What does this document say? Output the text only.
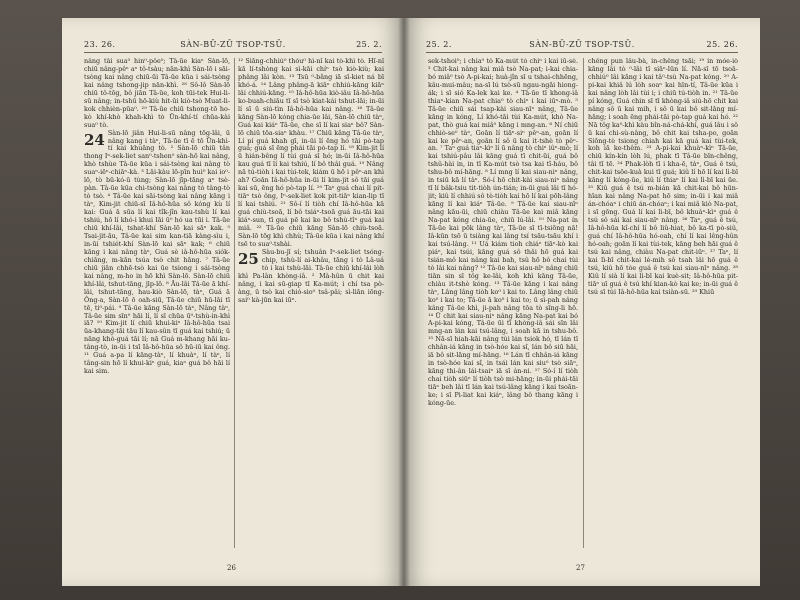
23. 26.	SÀN-BŪ-ZŪ TSOP-TSŪ.	25. 2.

nâng tâi sua⁰ hin⁰-pôe⁰; Tâ-ūe kiaⁿ Sàn-lō, chiū nâng-pêⁿ aⁿ tô-tsàu; nān-khì Sàn-lō i sāi-tsòng kai nâng chiū-ūi Tâ-ūe kūa i sái-tsòng kai nâng tshong-jip nān-khì. ²⁸ Sô-lô Sàn-lō chiū tô-tōg, bô jiān Tâ-ūe, koh tūi-tek Hui-li-sū nâng; in-tshū hō-kiù hit-ūi kiò-tsò Muat-li-kok chhièn-pūa⁰. ²⁹ Tâ-ūe chiū tshong-tō ho-kò khí-khò khah-khì tò Ūn-khí-tí chūa-kài sua⁰ tò.

24 Sàn-lō jiân Hui-li-sū nâng tōg-lâi, ū nâng kang i tàⁿ, Tâ-ūe tī ē tō Ūn-khì-tí kai khuāng tò. ² Sàn-lō chiū tân thong Iⁿ-sek-liet san⁰-tshen⁰ sàn-hō kai nâng, khò tshùe Tâ-ūe kūa i sái-tsòng kai nâng tò suaⁿ-iēⁿ-chiāⁿ-kà. ³ Lāi-kàu lō-pīn hui⁰ kai io⁰-lō, tò bū-kó-ū tùng; Sàn-lō jīp-tāng aⁿ tsè-pàn. Tâ-ūe kūa chi-tsòng kai nâng tò tâng-tò tò tsò. ⁴ Tâ-ūe kai sāi-tsòng kai nâng kāng i tàⁿ, Kim-jit chiū-sī Iâ-hô-hūa sô kóng kù lí kai: Guá ā sūa lí kai tîk-jîn kau-tshù lí kai tshiú, hō lí khó-i khui Iāi ū⁰ hó ua tūi i. Tâ-ūe chiū khí-lâi, tshat-khí Sàn-lō kai sāⁿ kak. ⁵ Tsai-jit-āu, Tâ-ūe kai sim kan-tiā kàng-sìu i, in-ūi tshiét-khí Sàn-lō kai sāⁿ kak; ⁶ chiū kāng i kai nâng tàⁿ, Guá sè iâ-hô-hūa siók-chiāng, m-kān tsúa tsò chit hāng. ⁷ Tâ-ūe chiū jiān chhē-tsò kai ūe tsiong i sái-tsòng kai nâng, m-ho in hō khì Sàn-lō. Sàn-lō chiū khí-lâi, tshut-tāng, jīp-lō. ⁸ Āu-lâi Tâ-ūe ā khí-lâi, tshut-tāng, hau-kiò Sàn-lō, tàⁿ, Guá ā Ông-a, Sàn-lō ō oah-siū, Tâ-ūe chiū hū-lāi tī tē, ti⁰-pái. ⁹ Tâ-ūe kāng Sàn-lō tàⁿ, Nâng tàⁿ, Tâ-ūe sim sīn⁰ hāi lí, lí sī chūa ū⁰-tshù-in-khì iā? ¹⁰ Kim-jit lí chiū khui-kiⁿ Iâ-hô-hūa tsai ūa-khang-tāi tāu lí kau-sûn tī guá kai tshiú; ū nāng khò-guá tāi lí; nā Guá m-khang hāi ku-tâng-tò, in-ūi i tsī Iâ-hô-hūa sô hū-iū kai ông. ¹¹ Guá a-pa lí kāng-tàⁿ, lí khuàⁿ, lí tàⁿ, lí tâng-sin hō lí khui-kiⁿ guá, kiaⁿ guá bô hāi lí kai sim.

¹² Siāng-chhiú⁰ thóu⁰ hì-nî kai tò-khì tò. Hî-nî kā lí-tshòng kai sì-kāi chíⁿ tsò kiò-kiù; kai phâng lâi kòn. ¹³ Tsū ⁰-bǎng iā sī-kiet ná bī khó-á. ¹⁴ Lâng phâng-ā kiāⁿ chhiú-kāng kiāⁿ lâi chhiú-kāng. ¹⁵ Iâ-hô-hūa kiò-iâu Iâ-hô-hūa ko-buah-chiāu tī sī tsò kiat-kái tshut-lāi; in-ūi lí sī ū siú-tìn Iâ-hô-hūa kai nâng. ¹⁶ Tâ-ūe kāng Sàn-lō kóng chia-ūe lâi, Sàn-lō chiū tàⁿ, Guá kai kiáⁿ Tâ-ūe, che sī lí kai siaⁿ bô? Sàn-lō chiū tōa-siaⁿ khàu. ¹⁷ Chiū kāng Tâ-ūe tàⁿ, Lí pí guá khah gī, in-ūi lí ēng hó tāi pò-tap guá; guá sī ēng phái tāi pò-tap lí. ¹⁸ Kim-jit lí ū hián-bêng lí tùi guá sī hó; in-ūi Iâ-hô-hūa kau guá tī lí kai tshiú, lí bô thâi guá. ¹⁹ Nâng nā tú-tiòh i kai tùi-tek, kiám ū hō i pêⁿ-an khì ah? Goān Iâ-hô-hūa in-ūi lí kim-jit sô tāi guá kai sū, ēng hó pò-tap lí. ²⁰ Taⁿ guá chai lí pit-tiāⁿ tsò ông, Iⁿ-sek-liet kok pit-tiāⁿ kian-lip tī lí kai tshiú. ²¹ Sô-í lí tiòh chí Iâ-hô-hūa kā guá chiù-tsoā, lí bô tsiáⁿ-tsoā guá āu-tāi kai kiáⁿ-sun, tī guá pē kai ke bô tshù-tîⁿ guá kai miâ. ²² Tâ-ūe chiū kāng Sàn-lō chiù-tsoā. Sàn-lō tōg khì chhù; Tâ-ūe kūa i kai nâng khí tsē to sua⁰-tshài.

25 Sàu-bu-jī sí; tshuân Iⁿ-sek-liet tsóng-chip, tshù-lí ai-khâu, tāng i tò Lâ-uá tò i kai tshù-lāi. Tâ-ūe chiū khí-lâi lòh khì Pa-lân khòng-iâ. ² Mà-hûn ū chit kai nâng, i kai sū-giap tī Ka-mút; i chí tsa pò-àng, ū tsò kai chió-sio⁰ tsâ-pâi; sì-liān iōng-sai⁰ kà-jūn kai iūⁿ.

26
25. 2.	SÀN-BŪ-ZŪ TSOP-TSŪ.	25. 26.

sek-tshoi⁰; i chia⁰ tò Ka-mút tò chiⁿ i kai iū-sè. ³ Chit-kai nâng kai miâ tsò Na-pat; i-kai chia-bó miâ⁰ tsò A-pi-kai; huà-jîn sī u tshai-chhēng, kâu-mui-mâu; na-sī lú tsò-sū ngau-ngāi hiong-ák; i sī sió Ka-lek kai ke. ⁴ Tâ-ūe tī khong-iâ thiaⁿ-kian Na-pat chia⁰ tò chiⁿ i kai iūⁿ-mò. ⁵ Tâ-ūe chiū sái tsap-kài siau-nīⁿ nâng, Tâ-ūe kāng in kóng, Lí khó-tāi tùi Ka-mút, khò Na-pat, thò guá kai miâ⁰ kāng i mng-an. ⁶ Ní chiū chhiò-se⁰ tàⁿ, Goān lí tiāⁿ-siⁿ pêⁿ-an, goān lí kai ke pêⁿ-an, goān lí sô ū kai it-tshè tò pêⁿ-an. ⁷ Taⁿ guá tiaⁿ-kìⁿ lí ū nâng tò chiⁿ iûⁿ-mò; lí kai tshiú-pâu lâi kāng guá tī chit-ūi, guá bô tshû-hài in, in tī Ka-mút tsò tsa kai tî-háu, bô tshu-bô mí-hāng. ⁸ Lí mng lí kai siau-niⁿ nâng, in tsiū kā lí tàⁿ. Só-í hō chit-kài siau-niⁿ nâng tī lí bâk-tsiu tit-tiòh ún-tián; in-ūi guá lâi tī hó-jit; kiû lí chhiú sô tè-tiòh kai hō lí kai pōh-lâng kāng lí kai kiáⁿ Tâ-ūe. ⁹ Tâ-ūe kai siau-nīⁿ nâng kāu-ūi, chiū chiàu Tâ-ūe kai miâ kāng Na-pat kóng chia-ūe, chiū lú-lâi. ¹⁰ Na-pat ín Tâ-ūe kai pōk lâng tàⁿ, Tâ-ūe sī tī-tsiōng nā! Iâ-kūn tsō ū tsiàng kai lâng tsí tsāu-tsāu khí i kai tsú-lâng. ¹¹ Uá kiám tioh chiáⁿ tiāⁿ-kò kai piáⁿ, kai tsúi, kāng guá sô thâi hō guá kai tsián-mô kai nâng kai bah, tsû hō bô chai tùi tò lâi kai nâng? ¹² Tâ-ūe kai siau-nīⁿ nâng chiū tiān sin sī tôg ke-lâi, koh khì kāng Tâ-ūe, chiàu it-tshè kóng. ¹³ Tâ-ūe kāng i kai nâng tàⁿ, Lâng lâng tiòh ko⁰ i kai to. Lâng lâng chiū ko⁰ i kai to; Tâ-ūe ā ko⁰ i kai to; ū sì-pah nâng kâng Tâ-ūe khì, ji-pah nâng tōa tò sīng-li hō. ¹⁴ Ū chit kai siau-niⁿ nâng kāng Na-pat kai bó A-pi-kai kóng, Tâ-ūe ūi tī khòng-iâ sái sīn lâi mng-an lán kai tsú-lâng, i soah kā in tshu-bô. ¹⁵ Nā-sī hiah-kāi nâng tùi lán tsiok hó, tī lán tī chhân-iá kāng in tsò-hóe kai sî, lán bô siū hāi, iā bô sit-lāng mí-hāng. ¹⁶ Lán tī chhân-iá kāng in tsò-hóe kai sî, in tsái lán kai siu⁰ tsò siāⁿ, kāng thi-ân lái-tsaiⁿ iā sī án-ni. ¹⁷ Só-í lí tiòh chai tiòh siūⁿ lí tiòh tsò mi-hāng; in-ūi phái-tāi tiāⁿ beh lâi tī lán kai tsú-lâng kāng i kai tsoān-ke; i sī Pi-liat kai kiáⁿ, lâng bô thang kāng i kóng-ūe.

chêng pun lâu-bà, in-chêng tsāi; ¹⁹ in móe-iò kāng lâi tò ⁰-lâi tî siāⁿ-lūn lí. Nā-sī tō tsoā-chhiú⁰ lâi kāng i kai tâ⁰-tsù Na-pat kóng. ²⁰ A-pi-kai khiâ lú lòh soaⁿ kai hīn-tí, Tâ-ūe kūa i kai nâng lòh lâi tùi i; i chiū tú-tiòh in. ²¹ Tâ-ūe pí kóng, Guá chin sī tī khòng-iâ siú-hō chit kai nâng sô ū kai mih, i sô ū kai bô sit-lāng mí-hāng; i soah ēng phái-tāi pò-tap guá kai hó. ²² Nā tôg ka⁰-khì kàu bîn-ná-chá-khí, guá lâu i sô ū kai chi-sù-nâng, bô chit kai tsha-po, goān Siōng-tè tsiong chiah kai kā guá kai tùi-tek, koh iā ke-thêm. ²³ A-pi-kai khuàⁿ-kìⁿ Tâ-ūe, chiū kín-kín lòh lú, phak tī Tâ-ūe bīn-chêng, tâi tī tē. ²⁴ Phak-lòh tī i kha-ē, tàⁿ, Guá ê tsú, chit-kai tsōe-kuà kui tī guá; kiû lí hō lí kai lì-bī kāng lí kóng-ūe, kiû lí thiaⁿ lí kai lì-bī kai ūe. ²⁵ Kiû guá ê tsú m-bián kā chit-kai bô hūn-hīan kai nâng Na-pat hō sim; in-ūi i kai miâ án-chóaⁿ i chiū án-chóaⁿ; i kai miâ kiò Na-pat, i sī gōng. Guá lí kai lì-bī, bô khuàⁿ-kìⁿ guá ê tsú sô sái kai siau-nīⁿ nâng. ²⁶ Taⁿ, guá ê tsú, Iâ-hô-hūa kî-chí lí bô liû-hiat, bô ka-tī pò-siû, guá chí Iâ-hô-hūa hó-oah, chí lí kai lêng-hûn hó-oah; goān lí kai tùi-tek, kāng beh hāi guá ê tsú kai nâng, chiàu Na-pat chit-iūⁿ. ²⁷ Taⁿ, lí kai lì-bī chit-kai lé-mih sô tsah lâi hō guá ê tsú, kiû hō tòe guá ê tsú kai siau-nīⁿ nâng. ²⁸ Kiû lí sià lí kai lì-bī kai kuè-sit; Iâ-hô-hūa pit-tiāⁿ uī guá ê tsú khí kian-kò kai ke; in-ūi guá ê tsú sī tùi Iâ-hô-hūa kai tsiàn-sū. ²⁹ Khiū

27
